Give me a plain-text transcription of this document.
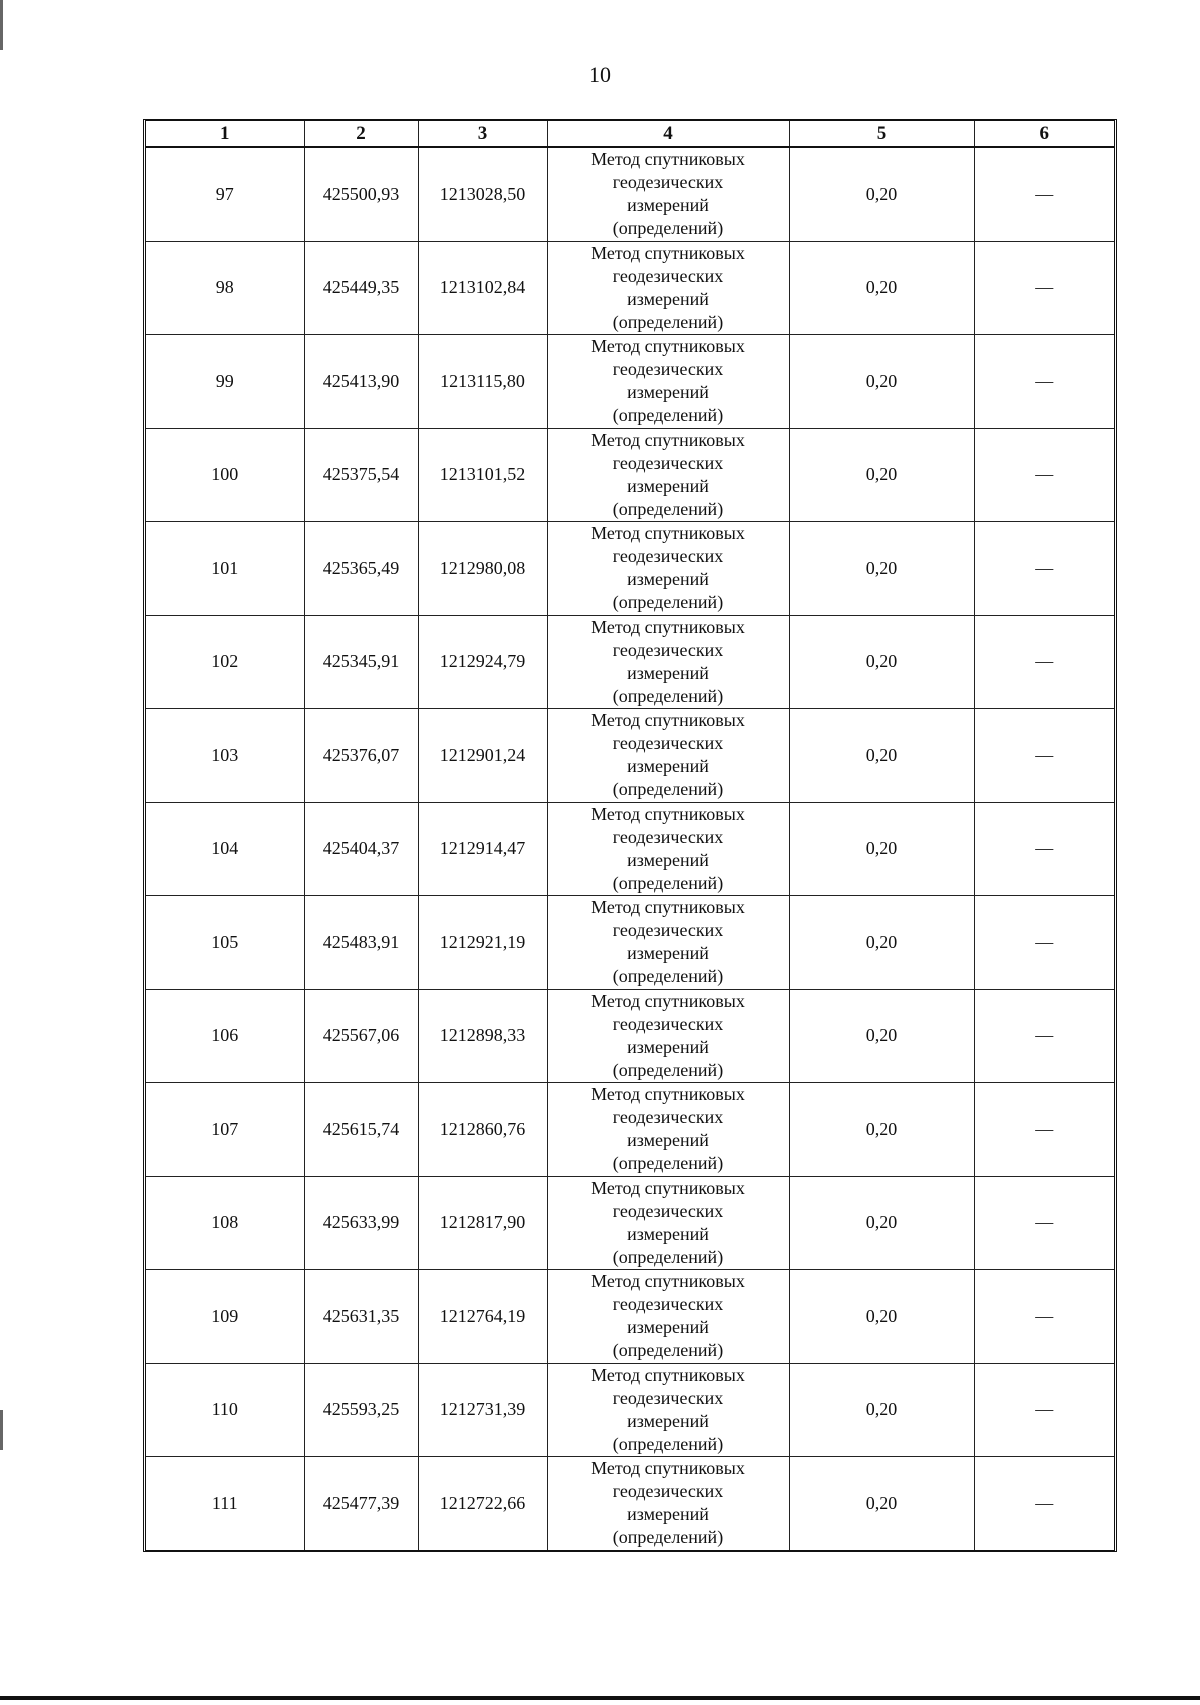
10
1	2	3	4	5	6
97	425500,93	1213028,50	Метод спутниковых
геодезических
измерений
(определений)	0,20	—
98	425449,35	1213102,84	Метод спутниковых
геодезических
измерений
(определений)	0,20	—
99	425413,90	1213115,80	Метод спутниковых
геодезических
измерений
(определений)	0,20	—
100	425375,54	1213101,52	Метод спутниковых
геодезических
измерений
(определений)	0,20	—
101	425365,49	1212980,08	Метод спутниковых
геодезических
измерений
(определений)	0,20	—
102	425345,91	1212924,79	Метод спутниковых
геодезических
измерений
(определений)	0,20	—
103	425376,07	1212901,24	Метод спутниковых
геодезических
измерений
(определений)	0,20	—
104	425404,37	1212914,47	Метод спутниковых
геодезических
измерений
(определений)	0,20	—
105	425483,91	1212921,19	Метод спутниковых
геодезических
измерений
(определений)	0,20	—
106	425567,06	1212898,33	Метод спутниковых
геодезических
измерений
(определений)	0,20	—
107	425615,74	1212860,76	Метод спутниковых
геодезических
измерений
(определений)	0,20	—
108	425633,99	1212817,90	Метод спутниковых
геодезических
измерений
(определений)	0,20	—
109	425631,35	1212764,19	Метод спутниковых
геодезических
измерений
(определений)	0,20	—
110	425593,25	1212731,39	Метод спутниковых
геодезических
измерений
(определений)	0,20	—
111	425477,39	1212722,66	Метод спутниковых
геодезических
измерений
(определений)	0,20	—
